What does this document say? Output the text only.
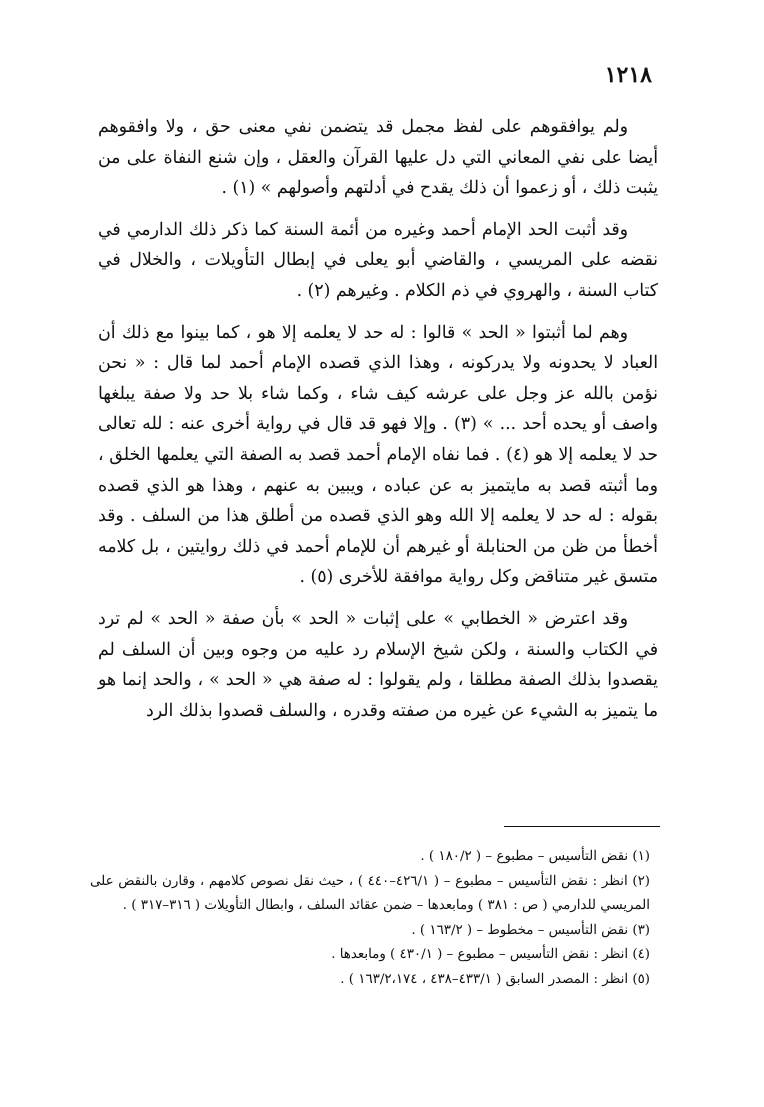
١٢١٨

ولم يوافقوهم على لفظ مجمل قد يتضمن نفي معنى حق ، ولا وافقوهم أيضا على نفي المعاني التي دل عليها القرآن والعقل ، وإن شنع النفاة على من يثبت ذلك ، أو زعموا أن ذلك يقدح في أدلتهم وأصولهم » (١) .

وقد أثبت الحد الإمام أحمد وغيره من أئمة السنة كما ذكر ذلك الدارمي في نقضه على المريسي ، والقاضي أبو يعلى في إبطال التأويلات ، والخلال في كتاب السنة ، والهروي في ذم الكلام . وغيرهم (٢) .

وهم لما أثبتوا « الحد » قالوا : له حد لا يعلمه إلا هو ، كما بينوا مع ذلك أن العباد لا يحدونه ولا يدركونه ، وهذا الذي قصده الإمام أحمد لما قال : « نحن نؤمن بالله عز وجل على عرشه كيف شاء ، وكما شاء بلا حد ولا صفة يبلغها واصف أو يحده أحد ... » (٣) . وإلا فهو قد قال في رواية أخرى عنه : لله تعالى حد لا يعلمه إلا هو (٤) . فما نفاه الإمام أحمد قصد به الصفة التي يعلمها الخلق ، وما أثبته قصد به مايتميز به عن عباده ، ويبين به عنهم ، وهذا هو الذي قصده بقوله : له حد لا يعلمه إلا الله وهو الذي قصده من أطلق هذا من السلف . وقد أخطأ من ظن من الحنابلة أو غيرهم أن للإمام أحمد في ذلك روايتين ، بل كلامه متسق غير متناقض وكل رواية موافقة للأخرى (٥) .

وقد اعترض « الخطابي » على إثبات « الحد » بأن صفة « الحد » لم ترد في الكتاب والسنة ، ولكن شيخ الإسلام رد عليه من وجوه وبين أن السلف لم يقصدوا بذلك الصفة مطلقا ، ولم يقولوا : له صفة هي « الحد » ، والحد إنما هو ما يتميز به الشيء عن غيره من صفته وقدره ، والسلف قصدوا بذلك الرد

(١) نقض التأسيس – مطبوع – ( ١٨٠/٢ ) .

(٢) انظر : نقض التأسيس – مطبوع – ( ٤٢٦/١–٤٤٠ ) ، حيث نقل نصوص كلامهم ، وقارن بالنقض على المريسي للدارمي ( ص : ٣٨١ ) ومابعدها – ضمن عقائد السلف ، وابطال التأويلات ( ٣١٦–٣١٧ ) .

(٣) نقض التأسيس – مخطوط – ( ١٦٣/٢ ) .

(٤) انظر : نقض التأسيس – مطبوع – ( ٤٣٠/١ ) ومابعدها .

(٥) انظر : المصدر السابق ( ٤٣٣/١–٤٣٨ ، ١٦٣/٢،١٧٤ ) .
